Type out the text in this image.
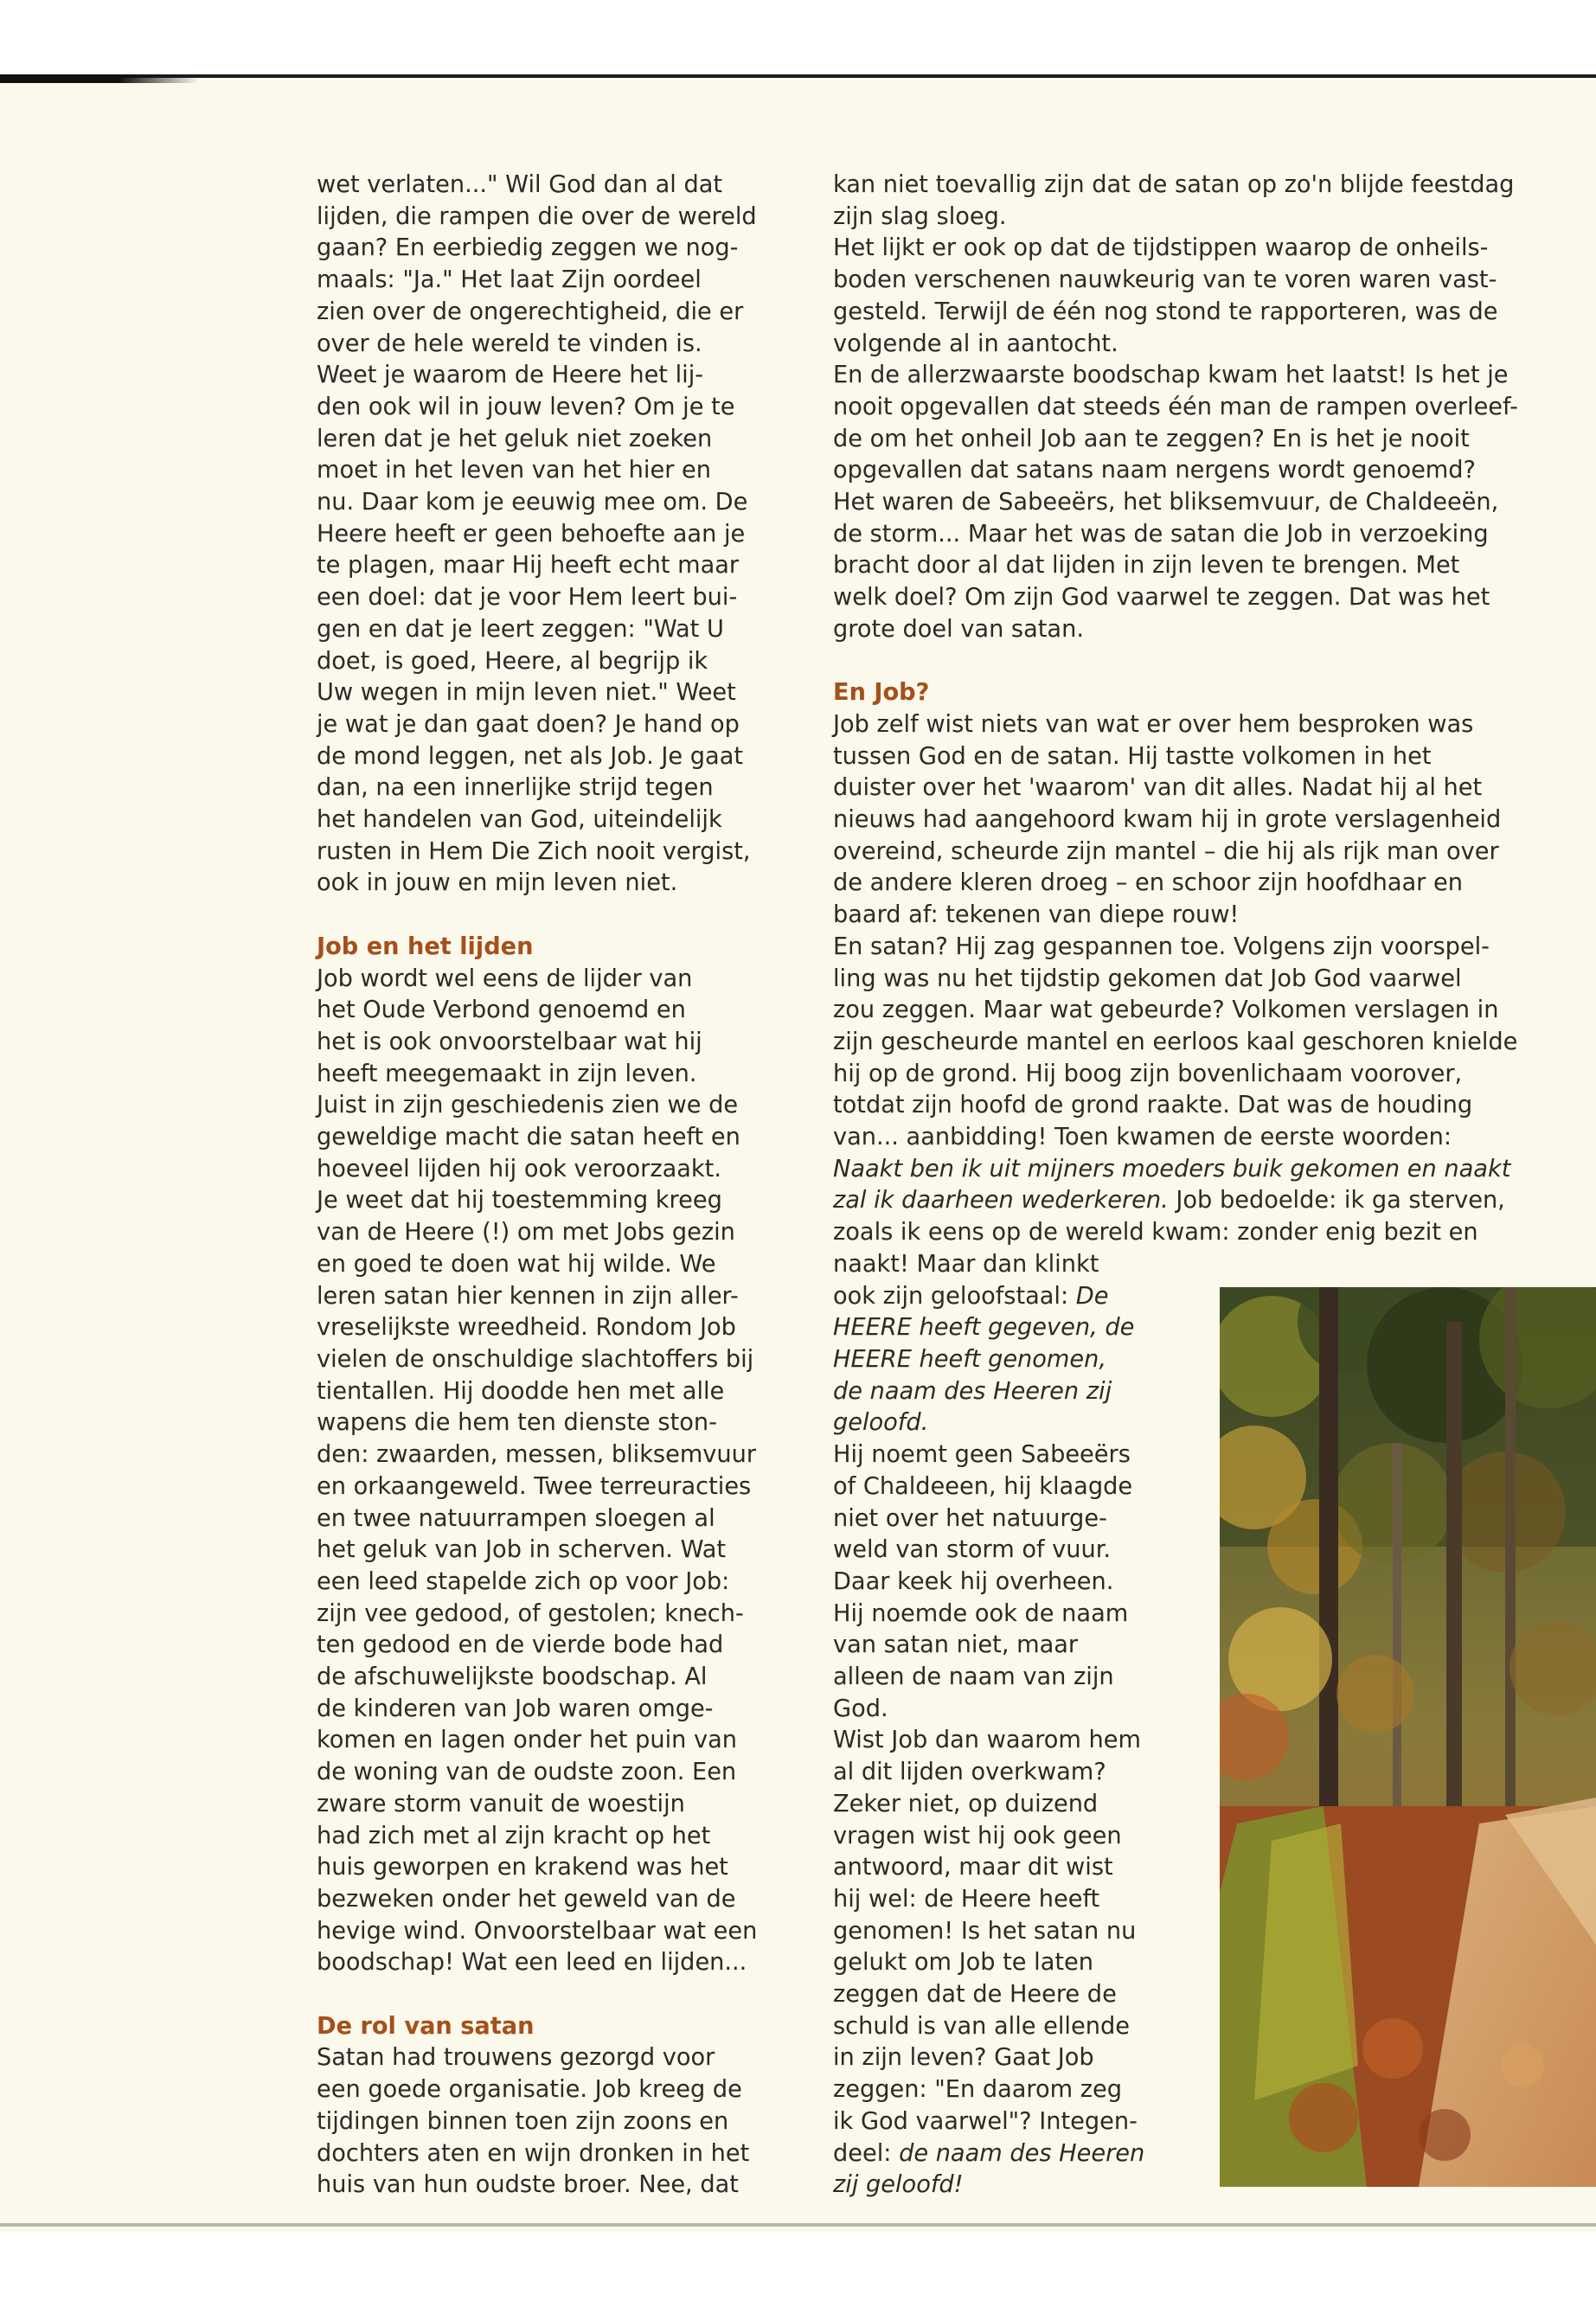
wet verlaten..." Wil God dan al dat

lijden, die rampen die over de wereld

gaan? En eerbiedig zeggen we nog-

maals: "Ja." Het laat Zijn oordeel

zien over de ongerechtigheid, die er

over de hele wereld te vinden is.

Weet je waarom de Heere het lij-

den ook wil in jouw leven? Om je te

leren dat je het geluk niet zoeken

moet in het leven van het hier en

nu. Daar kom je eeuwig mee om. De

Heere heeft er geen behoefte aan je

te plagen, maar Hij heeft echt maar

een doel: dat je voor Hem leert bui-

gen en dat je leert zeggen: "Wat U

doet, is goed, Heere, al begrijp ik

Uw wegen in mijn leven niet." Weet

je wat je dan gaat doen? Je hand op

de mond leggen, net als Job. Je gaat

dan, na een innerlijke strijd tegen

het handelen van God, uiteindelijk

rusten in Hem Die Zich nooit vergist,

ook in jouw en mijn leven niet.

Job en het lijden

Job wordt wel eens de lijder van

het Oude Verbond genoemd en

het is ook onvoorstelbaar wat hij

heeft meegemaakt in zijn leven.

Juist in zijn geschiedenis zien we de

geweldige macht die satan heeft en

hoeveel lijden hij ook veroorzaakt.

Je weet dat hij toestemming kreeg

van de Heere (!) om met Jobs gezin

en goed te doen wat hij wilde. We

leren satan hier kennen in zijn aller-

vreselijkste wreedheid. Rondom Job

vielen de onschuldige slachtoffers bij

tientallen. Hij doodde hen met alle

wapens die hem ten dienste ston-

den: zwaarden, messen, bliksemvuur

en orkaangeweld. Twee terreuracties

en twee natuurrampen sloegen al

het geluk van Job in scherven. Wat

een leed stapelde zich op voor Job:

zijn vee gedood, of gestolen; knech-

ten gedood en de vierde bode had

de afschuwelijkste boodschap. Al

de kinderen van Job waren omge-

komen en lagen onder het puin van

de woning van de oudste zoon. Een

zware storm vanuit de woestijn

had zich met al zijn kracht op het

huis geworpen en krakend was het

bezweken onder het geweld van de

hevige wind. Onvoorstelbaar wat een

boodschap! Wat een leed en lijden...

De rol van satan

Satan had trouwens gezorgd voor

een goede organisatie. Job kreeg de

tijdingen binnen toen zijn zoons en

dochters aten en wijn dronken in het

huis van hun oudste broer. Nee, dat

kan niet toevallig zijn dat de satan op zo'n blijde feestdag

zijn slag sloeg.

Het lijkt er ook op dat de tijdstippen waarop de onheils-

boden verschenen nauwkeurig van te voren waren vast-

gesteld. Terwijl de één nog stond te rapporteren, was de

volgende al in aantocht.

En de allerzwaarste boodschap kwam het laatst! Is het je

nooit opgevallen dat steeds één man de rampen overleef-

de om het onheil Job aan te zeggen? En is het je nooit

opgevallen dat satans naam nergens wordt genoemd?

Het waren de Sabeeërs, het bliksemvuur, de Chaldeeën,

de storm... Maar het was de satan die Job in verzoeking

bracht door al dat lijden in zijn leven te brengen. Met

welk doel? Om zijn God vaarwel te zeggen. Dat was het

grote doel van satan.

En Job?

Job zelf wist niets van wat er over hem besproken was

tussen God en de satan. Hij tastte volkomen in het

duister over het 'waarom' van dit alles. Nadat hij al het

nieuws had aangehoord kwam hij in grote verslagenheid

overeind, scheurde zijn mantel – die hij als rijk man over

de andere kleren droeg – en schoor zijn hoofdhaar en

baard af: tekenen van diepe rouw!

En satan? Hij zag gespannen toe. Volgens zijn voorspel-

ling was nu het tijdstip gekomen dat Job God vaarwel

zou zeggen. Maar wat gebeurde? Volkomen verslagen in

zijn gescheurde mantel en eerloos kaal geschoren knielde

hij op de grond. Hij boog zijn bovenlichaam voorover,

totdat zijn hoofd de grond raakte. Dat was de houding

van... aanbidding! Toen kwamen de eerste woorden:

Naakt ben ik uit mijners moeders buik gekomen en naakt

zal ik daarheen wederkeren. Job bedoelde: ik ga sterven,

zoals ik eens op de wereld kwam: zonder enig bezit en

naakt! Maar dan klinkt

ook zijn geloofstaal: De

HEERE heeft gegeven, de

HEERE heeft genomen,

de naam des Heeren zij

geloofd.

Hij noemt geen Sabeeërs

of Chaldeeen, hij klaagde

niet over het natuurge-

weld van storm of vuur.

Daar keek hij overheen.

Hij noemde ook de naam

van satan niet, maar

alleen de naam van zijn

God.

Wist Job dan waarom hem

al dit lijden overkwam?

Zeker niet, op duizend

vragen wist hij ook geen

antwoord, maar dit wist

hij wel: de Heere heeft

genomen! Is het satan nu

gelukt om Job te laten

zeggen dat de Heere de

schuld is van alle ellende

in zijn leven? Gaat Job

zeggen: "En daarom zeg

ik God vaarwel"? Integen-

deel: de naam des Heeren

zij geloofd!
